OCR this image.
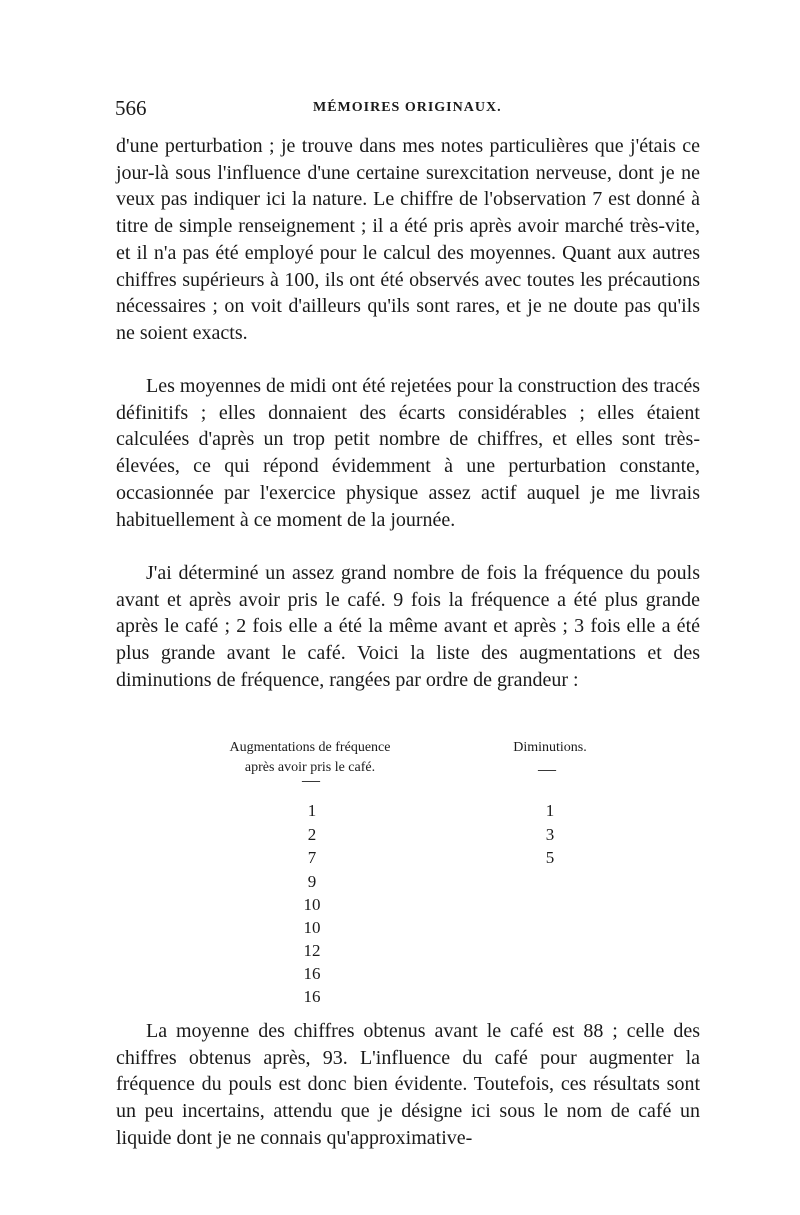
566	MÉMOIRES ORIGINAUX.

d'une perturbation ; je trouve dans mes notes particulières que j'étais ce jour-là sous l'influence d'une certaine surexcitation nerveuse, dont je ne veux pas indiquer ici la nature. Le chiffre de l'observation 7 est donné à titre de simple renseignement ; il a été pris après avoir marché très-vite, et il n'a pas été employé pour le calcul des moyennes. Quant aux autres chiffres supérieurs à 100, ils ont été observés avec toutes les précautions nécessaires ; on voit d'ailleurs qu'ils sont rares, et je ne doute pas qu'ils ne soient exacts.

Les moyennes de midi ont été rejetées pour la construction des tracés définitifs ; elles donnaient des écarts considérables ; elles étaient calculées d'après un trop petit nombre de chiffres, et elles sont très-élevées, ce qui répond évidemment à une perturbation constante, occasionnée par l'exercice physique assez actif auquel je me livrais habituellement à ce moment de la journée.

J'ai déterminé un assez grand nombre de fois la fréquence du pouls avant et après avoir pris le café. 9 fois la fréquence a été plus grande après le café ; 2 fois elle a été la même avant et après ; 3 fois elle a été plus grande avant le café. Voici la liste des augmentations et des diminutions de fréquence, rangées par ordre de grandeur :

Augmentations de fréquence
après avoir pris le café.
Diminutions.
—
—
1
2
7
9
10
10
12
16
16
1
3
5

La moyenne des chiffres obtenus avant le café est 88 ; celle des chiffres obtenus après, 93. L'influence du café pour augmenter la fréquence du pouls est donc bien évidente. Toutefois, ces résultats sont un peu incertains, attendu que je désigne ici sous le nom de café un liquide dont je ne connais qu'approximative-
